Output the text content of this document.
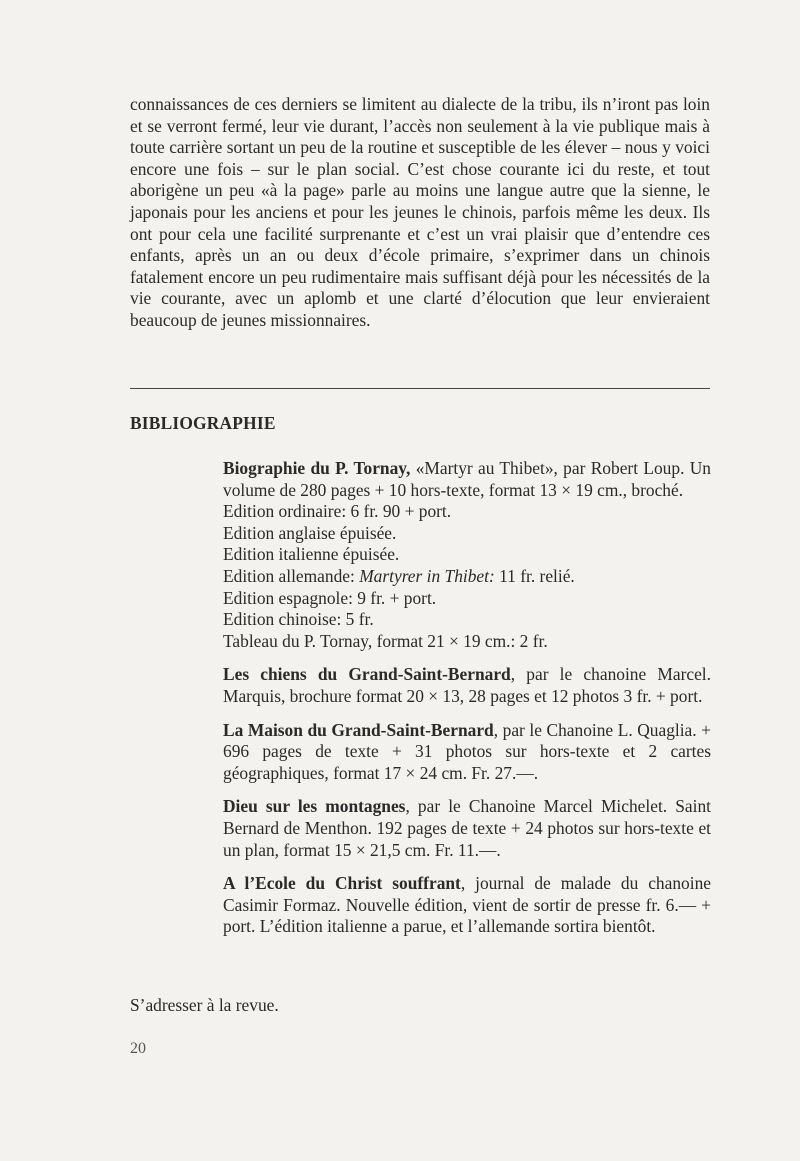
connaissances de ces derniers se limitent au dialecte de la tribu, ils n’iront pas loin et se verront fermé, leur vie durant, l’accès non seulement à la vie publique mais à toute carrière sortant un peu de la routine et susceptible de les élever – nous y voici encore une fois – sur le plan social. C’est chose courante ici du reste, et tout aborigène un peu «à la page» parle au moins une langue autre que la sienne, le japonais pour les anciens et pour les jeunes le chinois, parfois même les deux. Ils ont pour cela une facilité surprenante et c’est un vrai plaisir que d’entendre ces enfants, après un an ou deux d’école primaire, s’exprimer dans un chinois fatalement encore un peu rudimentaire mais suffisant déjà pour les nécessités de la vie courante, avec un aplomb et une clarté d’élocution que leur envieraient beaucoup de jeunes missionnaires.

BIBLIOGRAPHIE
Biographie du P. Tornay, «Martyr au Thibet», par Robert Loup. Un volume de 280 pages + 10 hors-texte, format 13 × 19 cm., broché.
Edition ordinaire: 6 fr. 90 + port.
Edition anglaise épuisée.
Edition italienne épuisée.
Edition allemande: Martyrer in Thibet: 11 fr. relié.
Edition espagnole: 9 fr. + port.
Edition chinoise: 5 fr.
Tableau du P. Tornay, format 21 × 19 cm.: 2 fr.
Les chiens du Grand-Saint-Bernard, par le chanoine Marcel. Marquis, brochure format 20 × 13, 28 pages et 12 photos 3 fr. + port.
La Maison du Grand-Saint-Bernard, par le Chanoine L. Quaglia. + 696 pages de texte + 31 photos sur hors-texte et 2 cartes géographiques, format 17 × 24 cm. Fr. 27.—.
Dieu sur les montagnes, par le Chanoine Marcel Michelet. Saint Bernard de Menthon. 192 pages de texte + 24 photos sur hors-texte et un plan, format 15 × 21,5 cm. Fr. 11.—.
A l’Ecole du Christ souffrant, journal de malade du chanoine Casimir Formaz. Nouvelle édition, vient de sortir de presse fr. 6.— + port. L’édition italienne a parue, et l’allemande sortira bientôt.

S’adresser à la revue.

20
